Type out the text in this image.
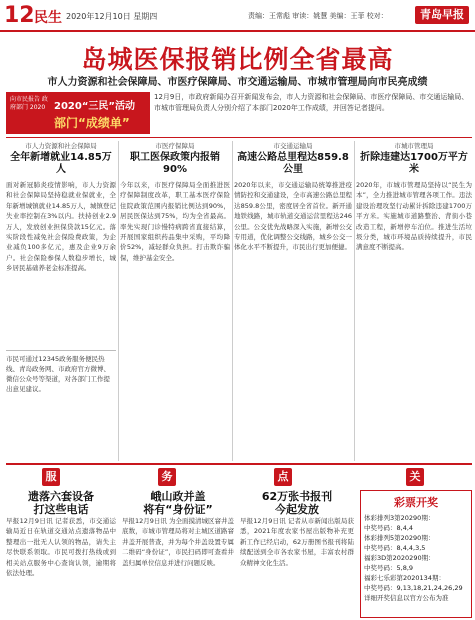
12 民生 2020年12月10日 星期四	责编：王常彪 审读：姚慧 美编：王菲 校对：	青岛早报
岛城医保报销比例全省最高
市人力资源和社会保障局、市医疗保障局、市交通运输局、市城市管理局向市民亮成绩
向市民报告 政府部门 2020 2020“三民”活动
部门“成绩单”
12月9日，市政府新闻办召开新闻发布会，市人力资源和社会保障局、市医疗保障局、市交通运输局、市城市管理局负责人分别介绍了本部门2020年工作成绩，并回答记者提问。
市人力资源和社会保障局
全年新增就业14.85万人
面对新冠肺炎疫情影响，市人力资源和社会保障局坚持稳就业保就业，全年新增城镇就业14.85万人，城镇登记失业率控制在3%以内。扶持创业2.9万人，发放创业担保贷款15亿元。落实阶段性减免社会保险费政策，为企业减负100多亿元，惠及企业9万余户。社会保险参保人数稳步增长，城乡居民基础养老金标准提高。
市医疗保障局
职工医保政策内报销90%
今年以来，市医疗保障局全面推进医疗保障制度改革，职工基本医疗保险住院政策范围内报销比例达到90%，居民医保达到75%，均为全省最高。率先实现门诊慢特病跨省直接结算，开展国家组织药品集中采购，平均降价52%，减轻群众负担。打击欺诈骗保，维护基金安全。
市交通运输局
高速公路总里程达859.8公里
2020年以来，市交通运输局统筹推进疫情防控和交通建设，全市高速公路总里程达859.8公里，密度居全省首位。新开通地铁线路，城市轨道交通运营里程达246公里。公交优先战略深入实施，新增公交专用道，优化调整公交线路，城乡公交一体化水平不断提升，市民出行更加便捷。
市城市管理局
折除违建达1700万平方米
2020年，市城市管理局坚持以“民生为本”，全力推进城市管理各项工作。违法建设治理攻坚行动累计拆除违建1700万平方米。实施城市道路整治、背街小巷改造工程，新增停车泊位。推进生活垃圾分类，城市环境品质持续提升，市民满意度不断提高。
市民可通过12345政务服务便民热线、青岛政务网、市政府官方微博、微信公众号等渠道，对各部门工作提出意见建议。
服	务	点	关
遗落六套设备
打这些电话
早报12月9日讯 记者获悉，市交通运输局近日在轨道交通站点遗落物品中整理出一批无人认领的物品，请失主尽快联系领取。市民可拨打热线或到相关站点服务中心查询认领，逾期将依法处理。
峨山政并盖
将有“身份证”
早报12月9日讯 为全面摸清城区窨井盖底数，市城市管理局将对主城区道路窨井盖开展普查，并为每个井盖设置专属二维码“身份证”，市民扫码即可查看井盖归属单位信息并进行问题反映。
62万张书报刊
今起发放
早报12月9日讯 记者从市新闻出版局获悉，2021年度农家书屋出版物补充更新工作已经启动，62万册图书报刊将陆续配送到全市各农家书屋，丰富农村群众精神文化生活。
彩票开奖
体彩排列3第20290期：
中奖号码：8,4,4
体彩排列5第20290期：
中奖号码：8,4,4,3,5
福彩3D第2020290期：
中奖号码：5,8,9
福彩七乐彩第2020134期：
中奖号码：9,13,18,21,24,26,29
详细开奖信息以官方公布为准
